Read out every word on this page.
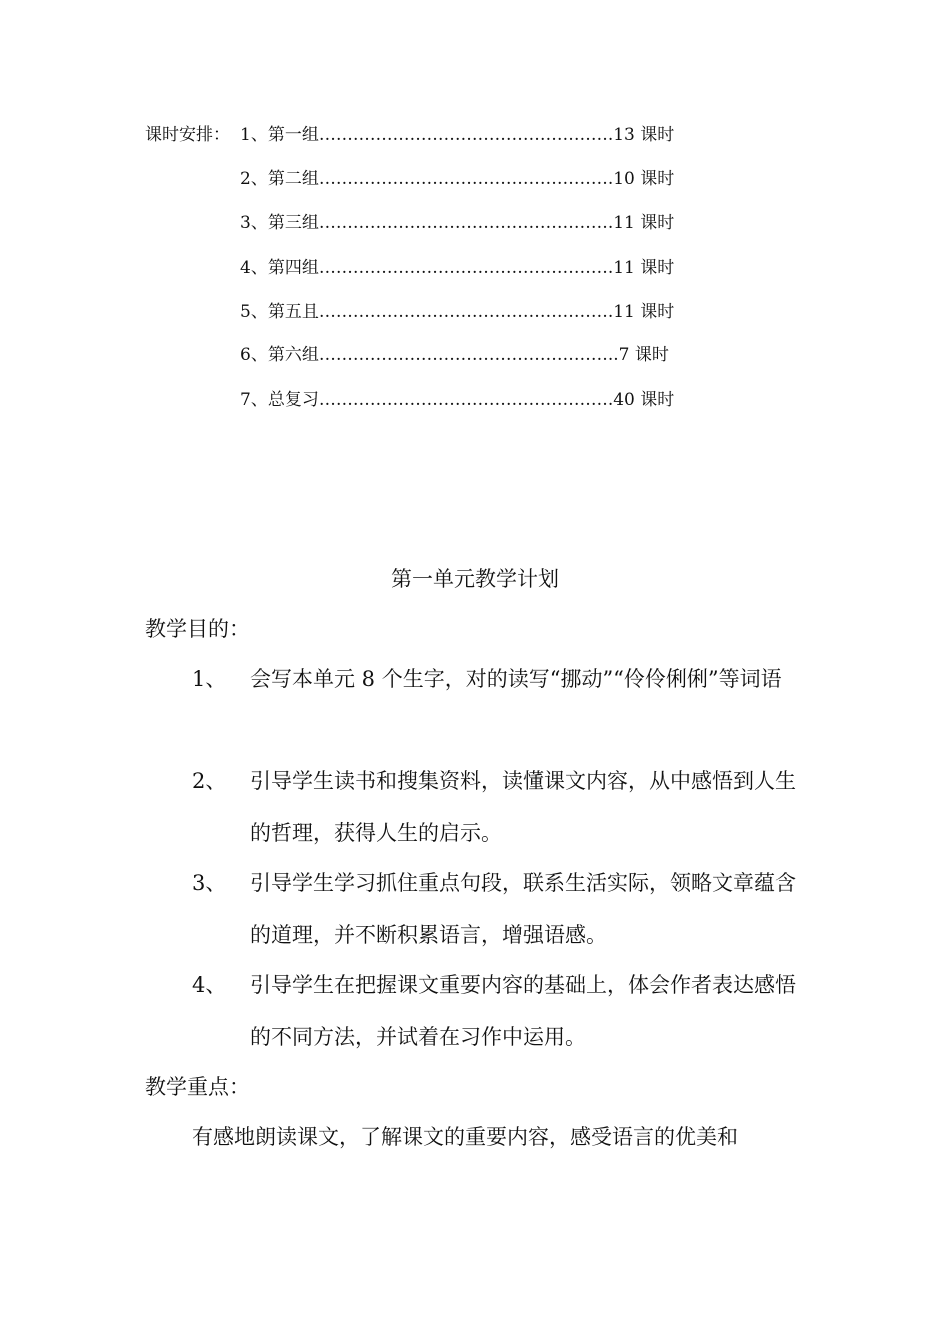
课时安排： 1、第一组…………………………………………….13 课时
2、第二组…………………………………………….10 课时
3、第三组…………………………………………….11 课时
4、第四组…………………………………………….11 课时
5、第五且…………………………………………….11 课时
6、第六组……………………………………………..7 课时
7、总复习…………………………………………….40 课时
第一单元教学计划
教学目的：
1、 会写本单元 8 个生字，对的读写“挪动”“伶伶俐俐”等词语
2、 引导学生读书和搜集资料，读懂课文内容，从中感悟到人生的哲理，获得人生的启示。
3、 引导学生学习抓住重点句段，联系生活实际，领略文章蕴含的道理，并不断积累语言，增强语感。
4、 引导学生在把握课文重要内容的基础上，体会作者表达感悟的不同方法，并试着在习作中运用。
教学重点：
有感地朗读课文，了解课文的重要内容，感受语言的优美和
